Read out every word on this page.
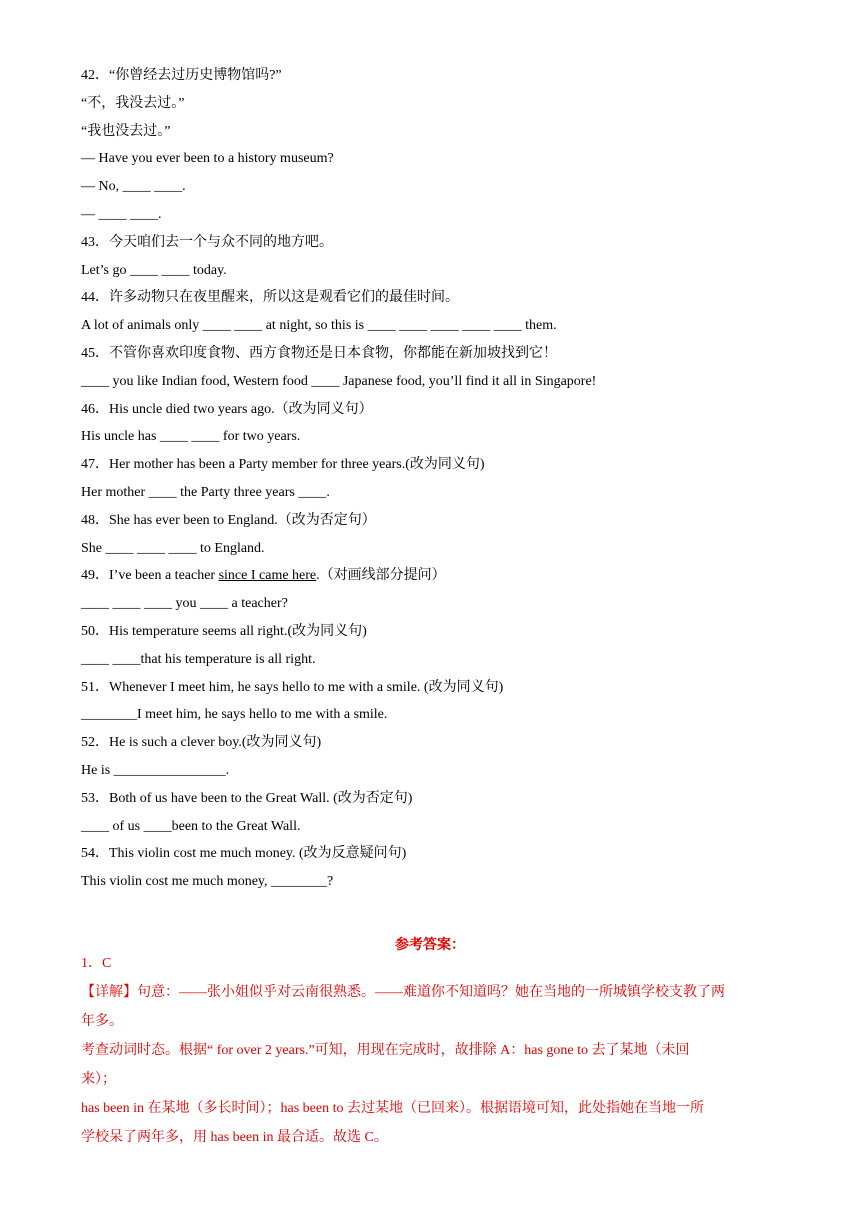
42．“你曾经去过历史博物馆吗?”
“不，我没去过。”
“我也没去过。”
— Have you ever been to a history museum?
— No, ____ ____.
— ____ ____.
43．今天咱们去一个与众不同的地方吧。
Let’s go ____ ____ today.
44．许多动物只在夜里醒来，所以这是观看它们的最佳时间。
A lot of animals only ____ ____ at night, so this is ____ ____ ____ ____ ____ them.
45．不管你喜欢印度食物、西方食物还是日本食物，你都能在新加坡找到它！
____ you like Indian food, Western food ____ Japanese food, you’ll find it all in Singapore!
46．His uncle died two years ago.（改为同义句）
His uncle has ____ ____ for two years.
47．Her mother has been a Party member for three years.(改为同义句)
Her mother ____ the Party three years ____.
48．She has ever been to England.（改为否定句）
She ____ ____ ____ to England.
49．I’ve been a teacher since I came here.（对画线部分提问）
____ ____ ____ you ____ a teacher?
50．His temperature seems all right.(改为同义句)
____ ____that his temperature is all right.
51．Whenever I meet him, he says hello to me with a smile. (改为同义句)
________I meet him, he says hello to me with a smile.
52．He is such a clever boy.(改为同义句)
He is ________________.
53．Both of us have been to the Great Wall. (改为否定句)
____ of us ____been to the Great Wall.
54．This violin cost me much money. (改为反意疑问句)
This violin cost me much money, ________?
参考答案：
1．C
【详解】句意：——张小姐似乎对云南很熟悉。——难道你不知道吗？她在当地的一所城镇学校支教了两
年多。
考查动词时态。根据“ for over 2 years.”可知，用现在完成时，故排除 A：has gone to 去了某地（未回
来）；
has been in 在某地（多长时间）；has been to 去过某地（已回来）。根据语境可知，此处指她在当地一所
学校呆了两年多，用 has been in 最合适。故选 C。
